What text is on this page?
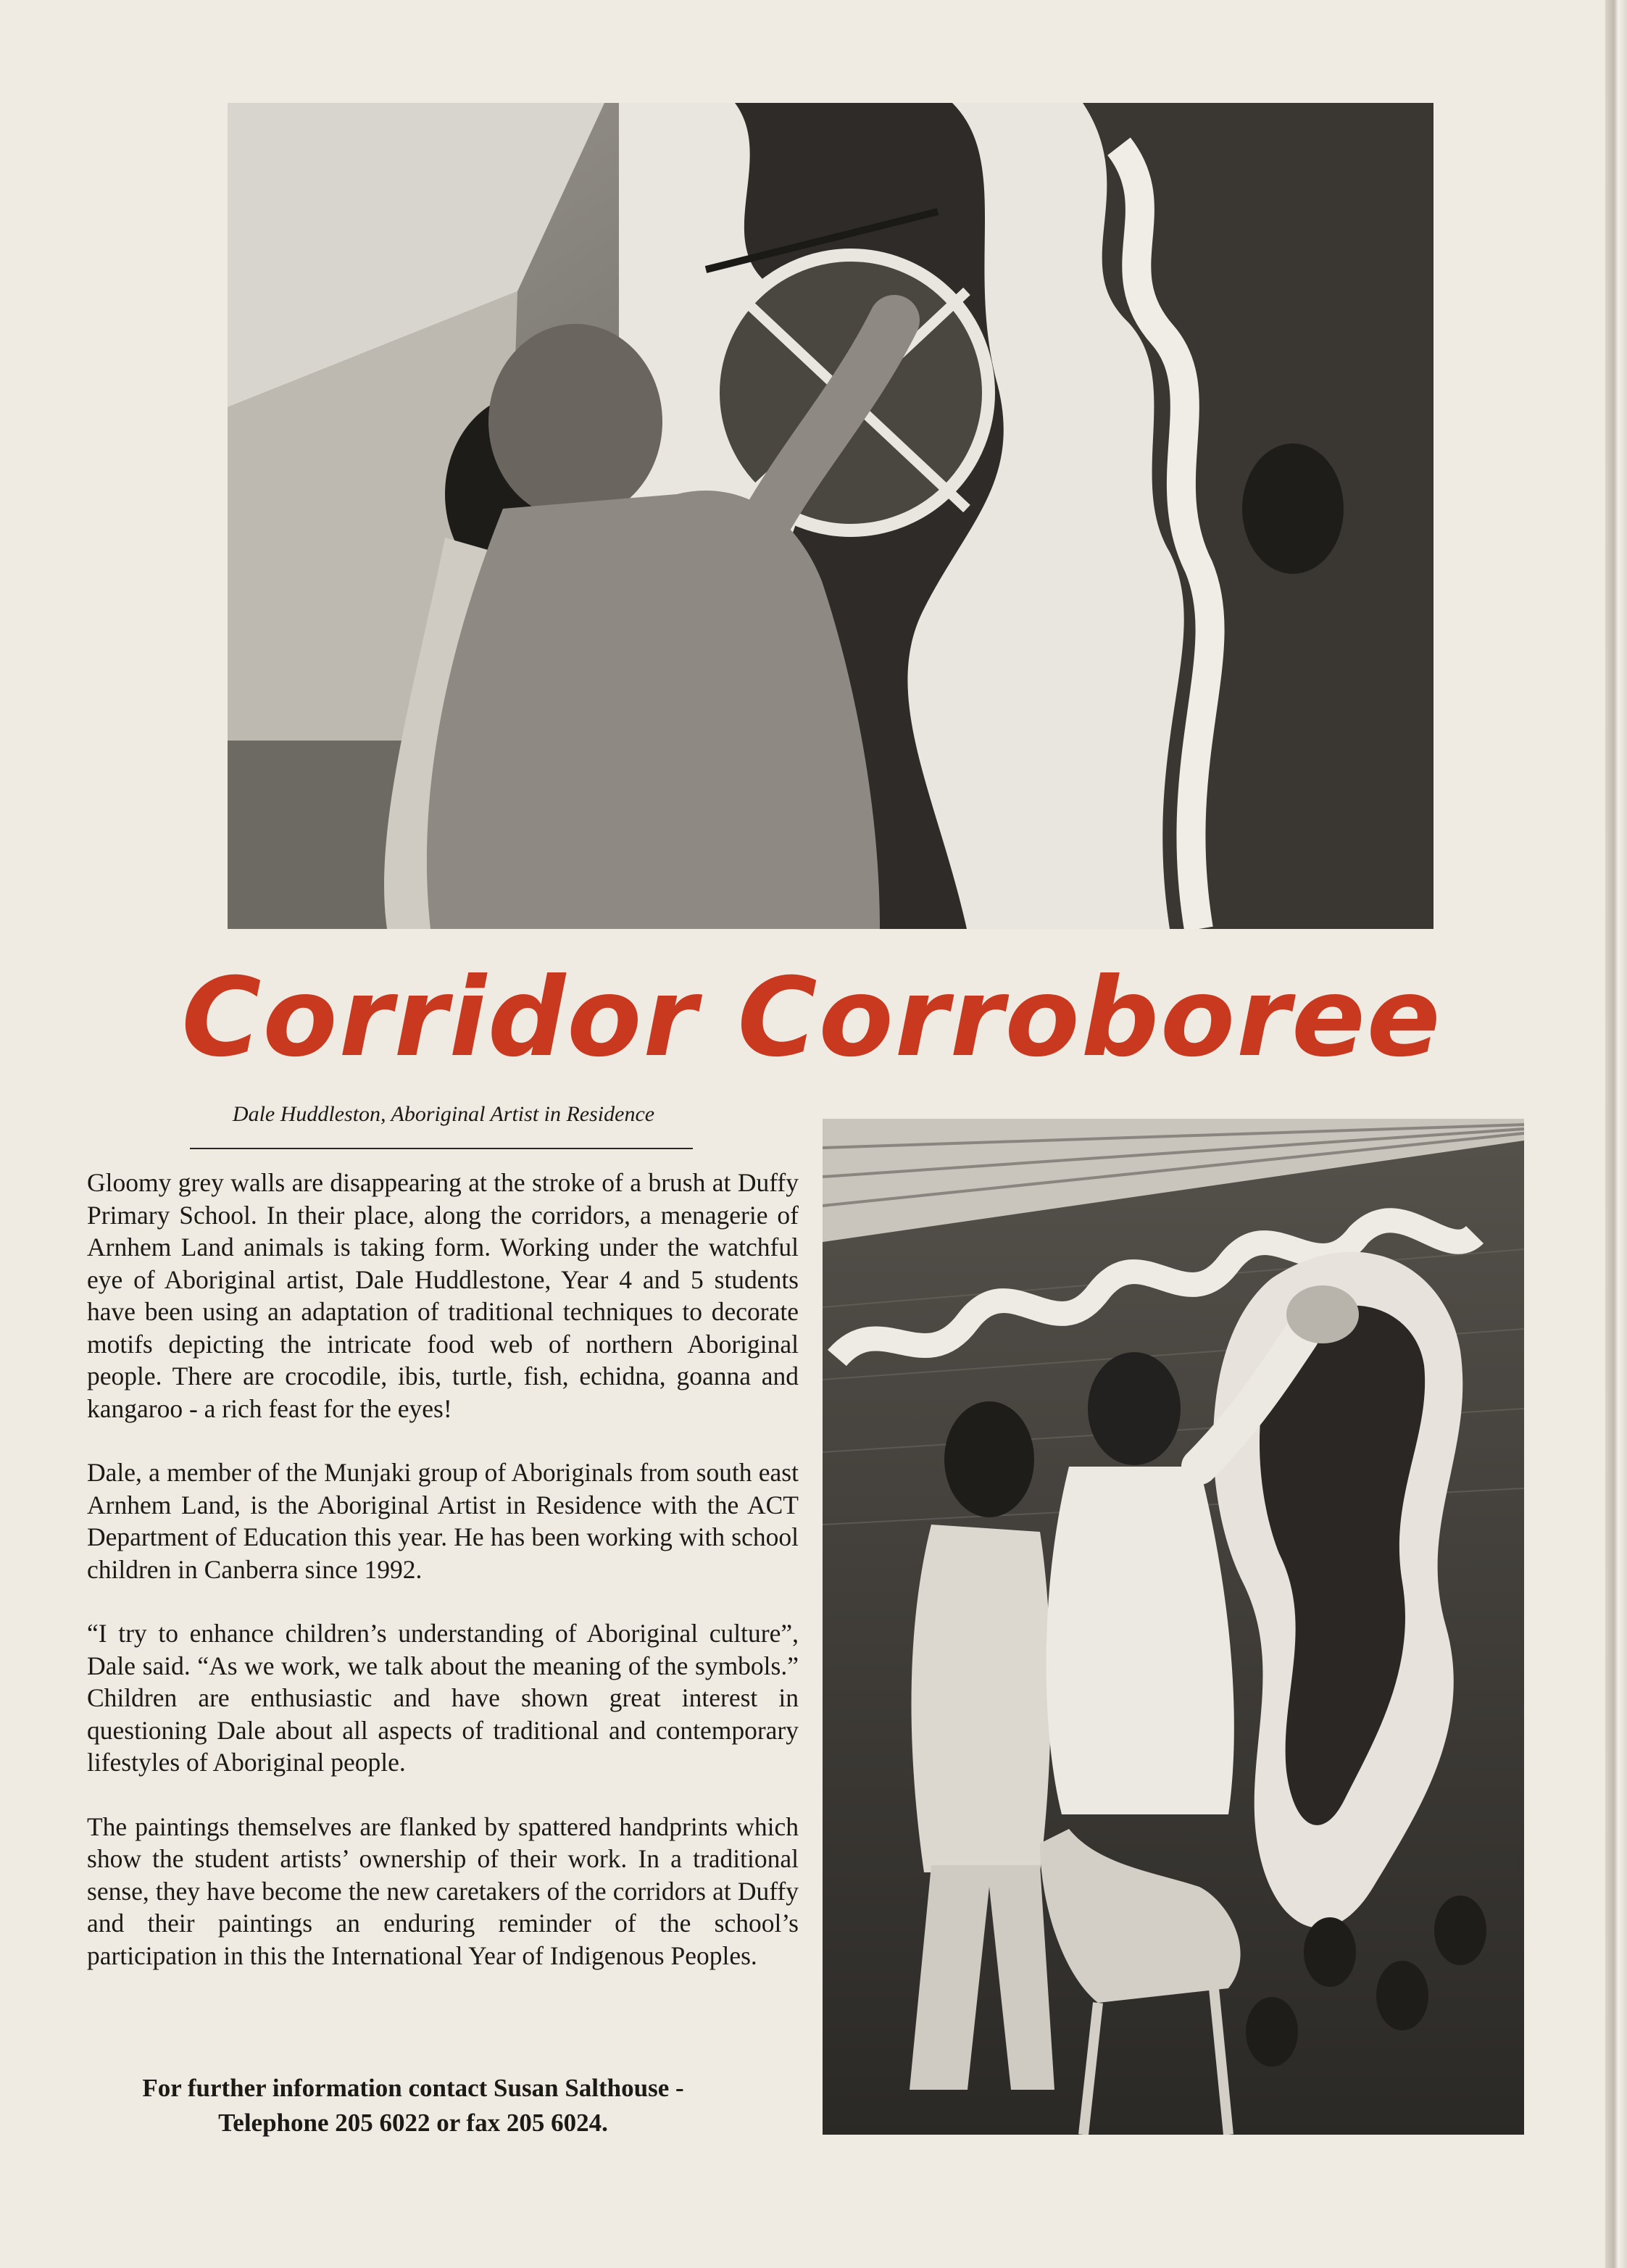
Corridor Corroboree
Dale Huddleston, Aboriginal Artist in Residence

Gloomy grey walls are disappearing at the stroke of a brush at Duffy Primary School. In their place, along the corridors, a menagerie of Arnhem Land animals is taking form. Working under the watchful eye of Aboriginal artist, Dale Huddlestone, Year 4 and 5 students have been using an adaptation of traditional techniques to decorate motifs depicting the intricate food web of northern Aboriginal people. There are crocodile, ibis, turtle, fish, echidna, goanna and kangaroo - a rich feast for the eyes!

Dale, a member of the Munjaki group of Aboriginals from south east Arnhem Land, is the Aboriginal Artist in Residence with the ACT Department of Education this year. He has been working with school children in Canberra since 1992.

“I try to enhance children’s understanding of Aboriginal culture”, Dale said. “As we work, we talk about the meaning of the symbols.” Children are enthusiastic and have shown great interest in questioning Dale about all aspects of traditional and contemporary lifestyles of Aboriginal people.

The paintings themselves are flanked by spattered handprints which show the student artists’ ownership of their work. In a traditional sense, they have become the new caretakers of the corridors at Duffy and their paintings an enduring reminder of the school’s participation in this the International Year of Indigenous Peoples.

For further information contact Susan Salthouse -
Telephone 205 6022 or fax 205 6024.
